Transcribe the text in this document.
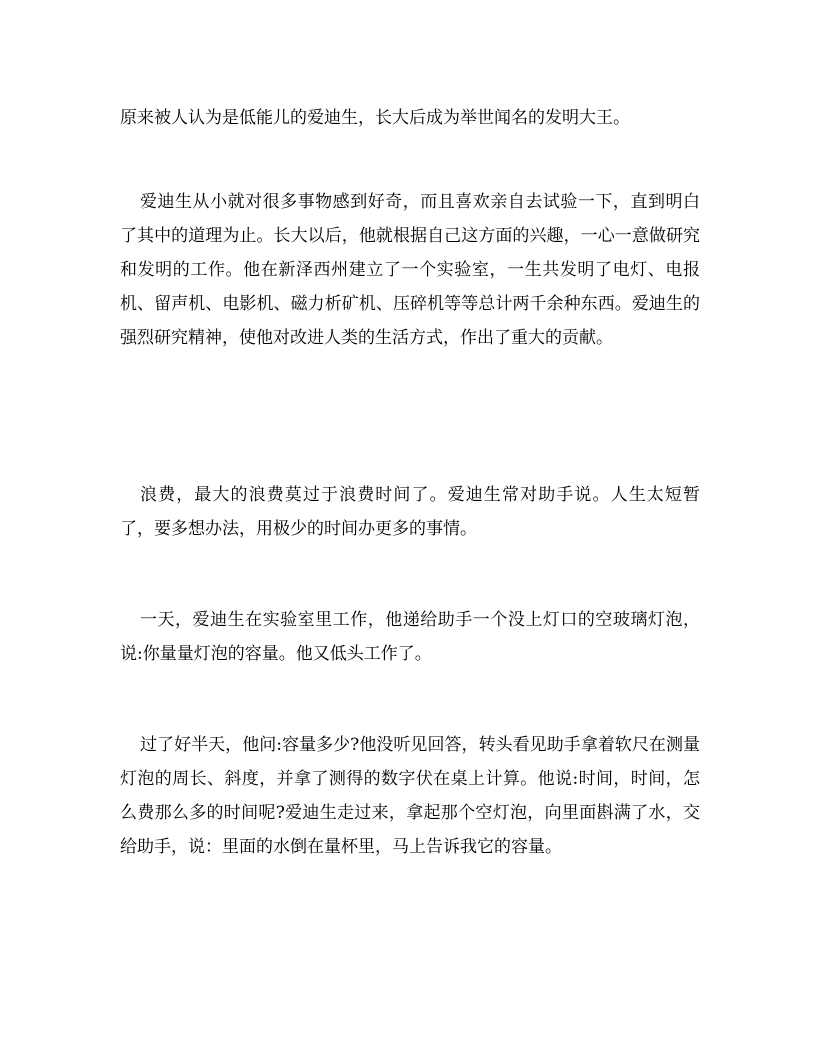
原来被人认为是低能儿的爱迪生，长大后成为举世闻名的发明大王。

爱迪生从小就对很多事物感到好奇，而且喜欢亲自去试验一下，直到明白了其中的道理为止。长大以后，他就根据自己这方面的兴趣，一心一意做研究和发明的工作。他在新泽西州建立了一个实验室，一生共发明了电灯、电报机、留声机、电影机、磁力析矿机、压碎机等等总计两千余种东西。爱迪生的强烈研究精神，使他对改进人类的生活方式，作出了重大的贡献。

浪费，最大的浪费莫过于浪费时间了。爱迪生常对助手说。人生太短暂了，要多想办法，用极少的时间办更多的事情。

一天，爱迪生在实验室里工作，他递给助手一个没上灯口的空玻璃灯泡，说:你量量灯泡的容量。他又低头工作了。

过了好半天，他问:容量多少?他没听见回答，转头看见助手拿着软尺在测量灯泡的周长、斜度，并拿了测得的数字伏在桌上计算。他说:时间，时间，怎么费那么多的时间呢?爱迪生走过来，拿起那个空灯泡，向里面斟满了水，交给助手，说：里面的水倒在量杯里，马上告诉我它的容量。
